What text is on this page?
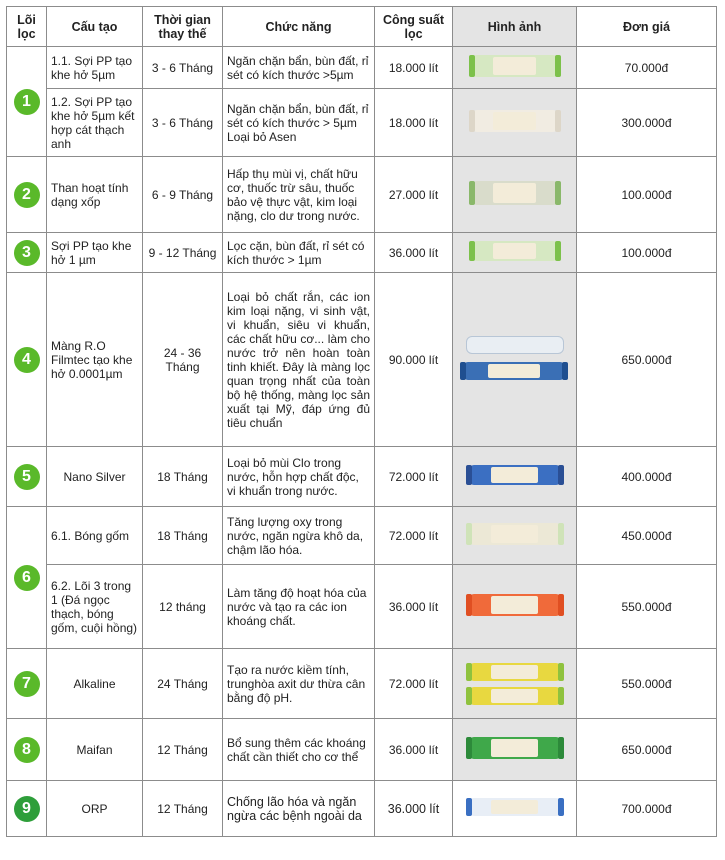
Lõi lọc	Cấu tạo	Thời gian thay thế	Chức năng	Công suất lọc	Hình ảnh	Đơn giá
1	1.1. Sợi PP tạo khe hở 5µm	3 - 6 Tháng	Ngăn chặn bẩn, bùn đất, rỉ sét có kích thước >5µm	18.000 lít		70.000đ
	1.2. Sợi PP tạo khe hở 5µm kết hợp cát thạch anh	3 - 6 Tháng	Ngăn chặn bẩn, bùn đất, rỉ sét có kích thước > 5µm Loại bỏ Asen	18.000 lít		300.000đ
2	Than hoạt tính dạng xốp	6 - 9 Tháng	Hấp thụ mùi vị, chất hữu cơ, thuốc trừ sâu, thuốc bảo vệ thực vật, kim loại nặng, clo dư trong nước.	27.000 lít		100.000đ
3	Sợi PP tạo khe hở 1 µm	9 - 12 Tháng	Lọc cặn, bùn đất, rỉ sét có kích thước > 1µm	36.000 lít		100.000đ
4	Màng R.O Filmtec tạo khe hở 0.0001µm	24 - 36 Tháng	Loại bỏ chất rắn, các ion kim loại nặng, vi sinh vật, vi khuẩn, siêu vi khuẩn, các chất hữu cơ... làm cho nước trở nên hoàn toàn tinh khiết. Đây là màng lọc quan trọng nhất của toàn bộ hệ thống, màng lọc sản xuất tại Mỹ, đáp ứng đủ tiêu chuẩn	90.000 lít		650.000đ
5	Nano Silver	18 Tháng	Loại bỏ mùi Clo trong nước, hỗn hợp chất độc, vi khuẩn trong nước.	72.000 lít		400.000đ
6	6.1. Bóng gốm	18 Tháng	Tăng lượng oxy trong nước, ngăn ngừa khô da, chậm lão hóa.	72.000 lít		450.000đ
	6.2. Lõi 3 trong 1 (Đá ngọc thạch, bóng gốm, cuội hồng)	12 tháng	Làm tăng độ hoạt hóa của nước và tạo ra các ion khoáng chất.	36.000 lít		550.000đ
7	Alkaline	24 Tháng	Tạo ra nước kiềm tính, trunghòa axit dư thừa cân bằng độ pH.	72.000 lít		550.000đ
8	Maifan	12 Tháng	Bổ sung thêm các khoáng chất cần thiết cho cơ thể	36.000 lít		650.000đ
9	ORP	12 Tháng	Chống lão hóa và ngăn ngừa các bệnh ngoài da	36.000 lít		700.000đ
